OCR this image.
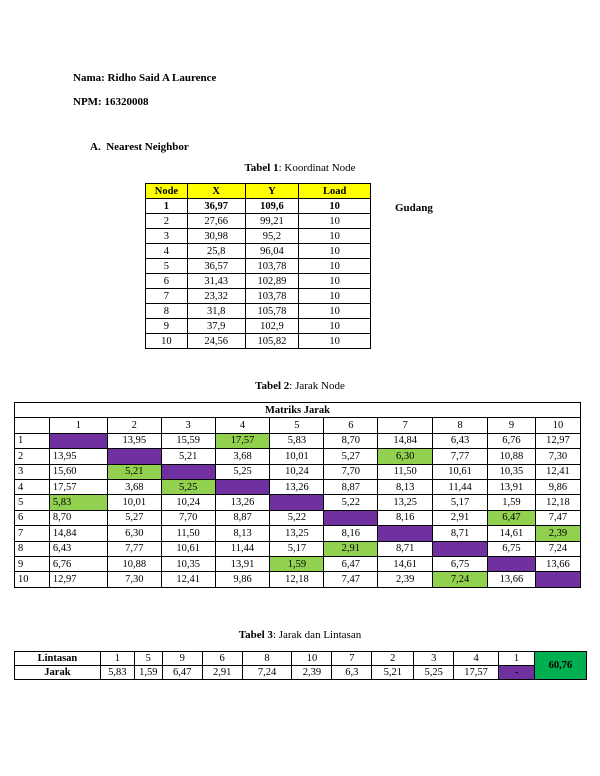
Nama: Ridho Said A Laurence
NPM: 16320008
A.  Nearest Neighbor
Tabel 1: Koordinat Node
Node	X	Y	Load
1	36,97	109,6	10
2	27,66	99,21	10
3	30,98	95,2	10
4	25,8	96,04	10
5	36,57	103,78	10
6	31,43	102,89	10
7	23,32	103,78	10
8	31,8	105,78	10
9	37,9	102,9	10
10	24,56	105,82	10
Gudang
Tabel 2: Jarak Node
Matriks Jarak										
	1	2	3	4	5	6	7	8	9	10
1		13,95	15,59	17,57	5,83	8,70	14,84	6,43	6,76	12,97
2	13,95		5,21	3,68	10,01	5,27	6,30	7,77	10,88	7,30
3	15,60	5,21		5,25	10,24	7,70	11,50	10,61	10,35	12,41
4	17,57	3,68	5,25		13,26	8,87	8,13	11,44	13,91	9,86
5	5,83	10,01	10,24	13,26		5,22	13,25	5,17	1,59	12,18
6	8,70	5,27	7,70	8,87	5,22		8,16	2,91	6,47	7,47
7	14,84	6,30	11,50	8,13	13,25	8,16		8,71	14,61	2,39
8	6,43	7,77	10,61	11,44	5,17	2,91	8,71		6,75	7,24
9	6,76	10,88	10,35	13,91	1,59	6,47	14,61	6,75		13,66
10	12,97	7,30	12,41	9,86	12,18	7,47	2,39	7,24	13,66	
Tabel 3: Jarak dan Lintasan
Lintasan	1	5	9	6	8	10	7	2	3	4	1	60,76
Jarak	5,83	1,59	6,47	2,91	7,24	2,39	6,3	5,21	5,25	17,57	-	
